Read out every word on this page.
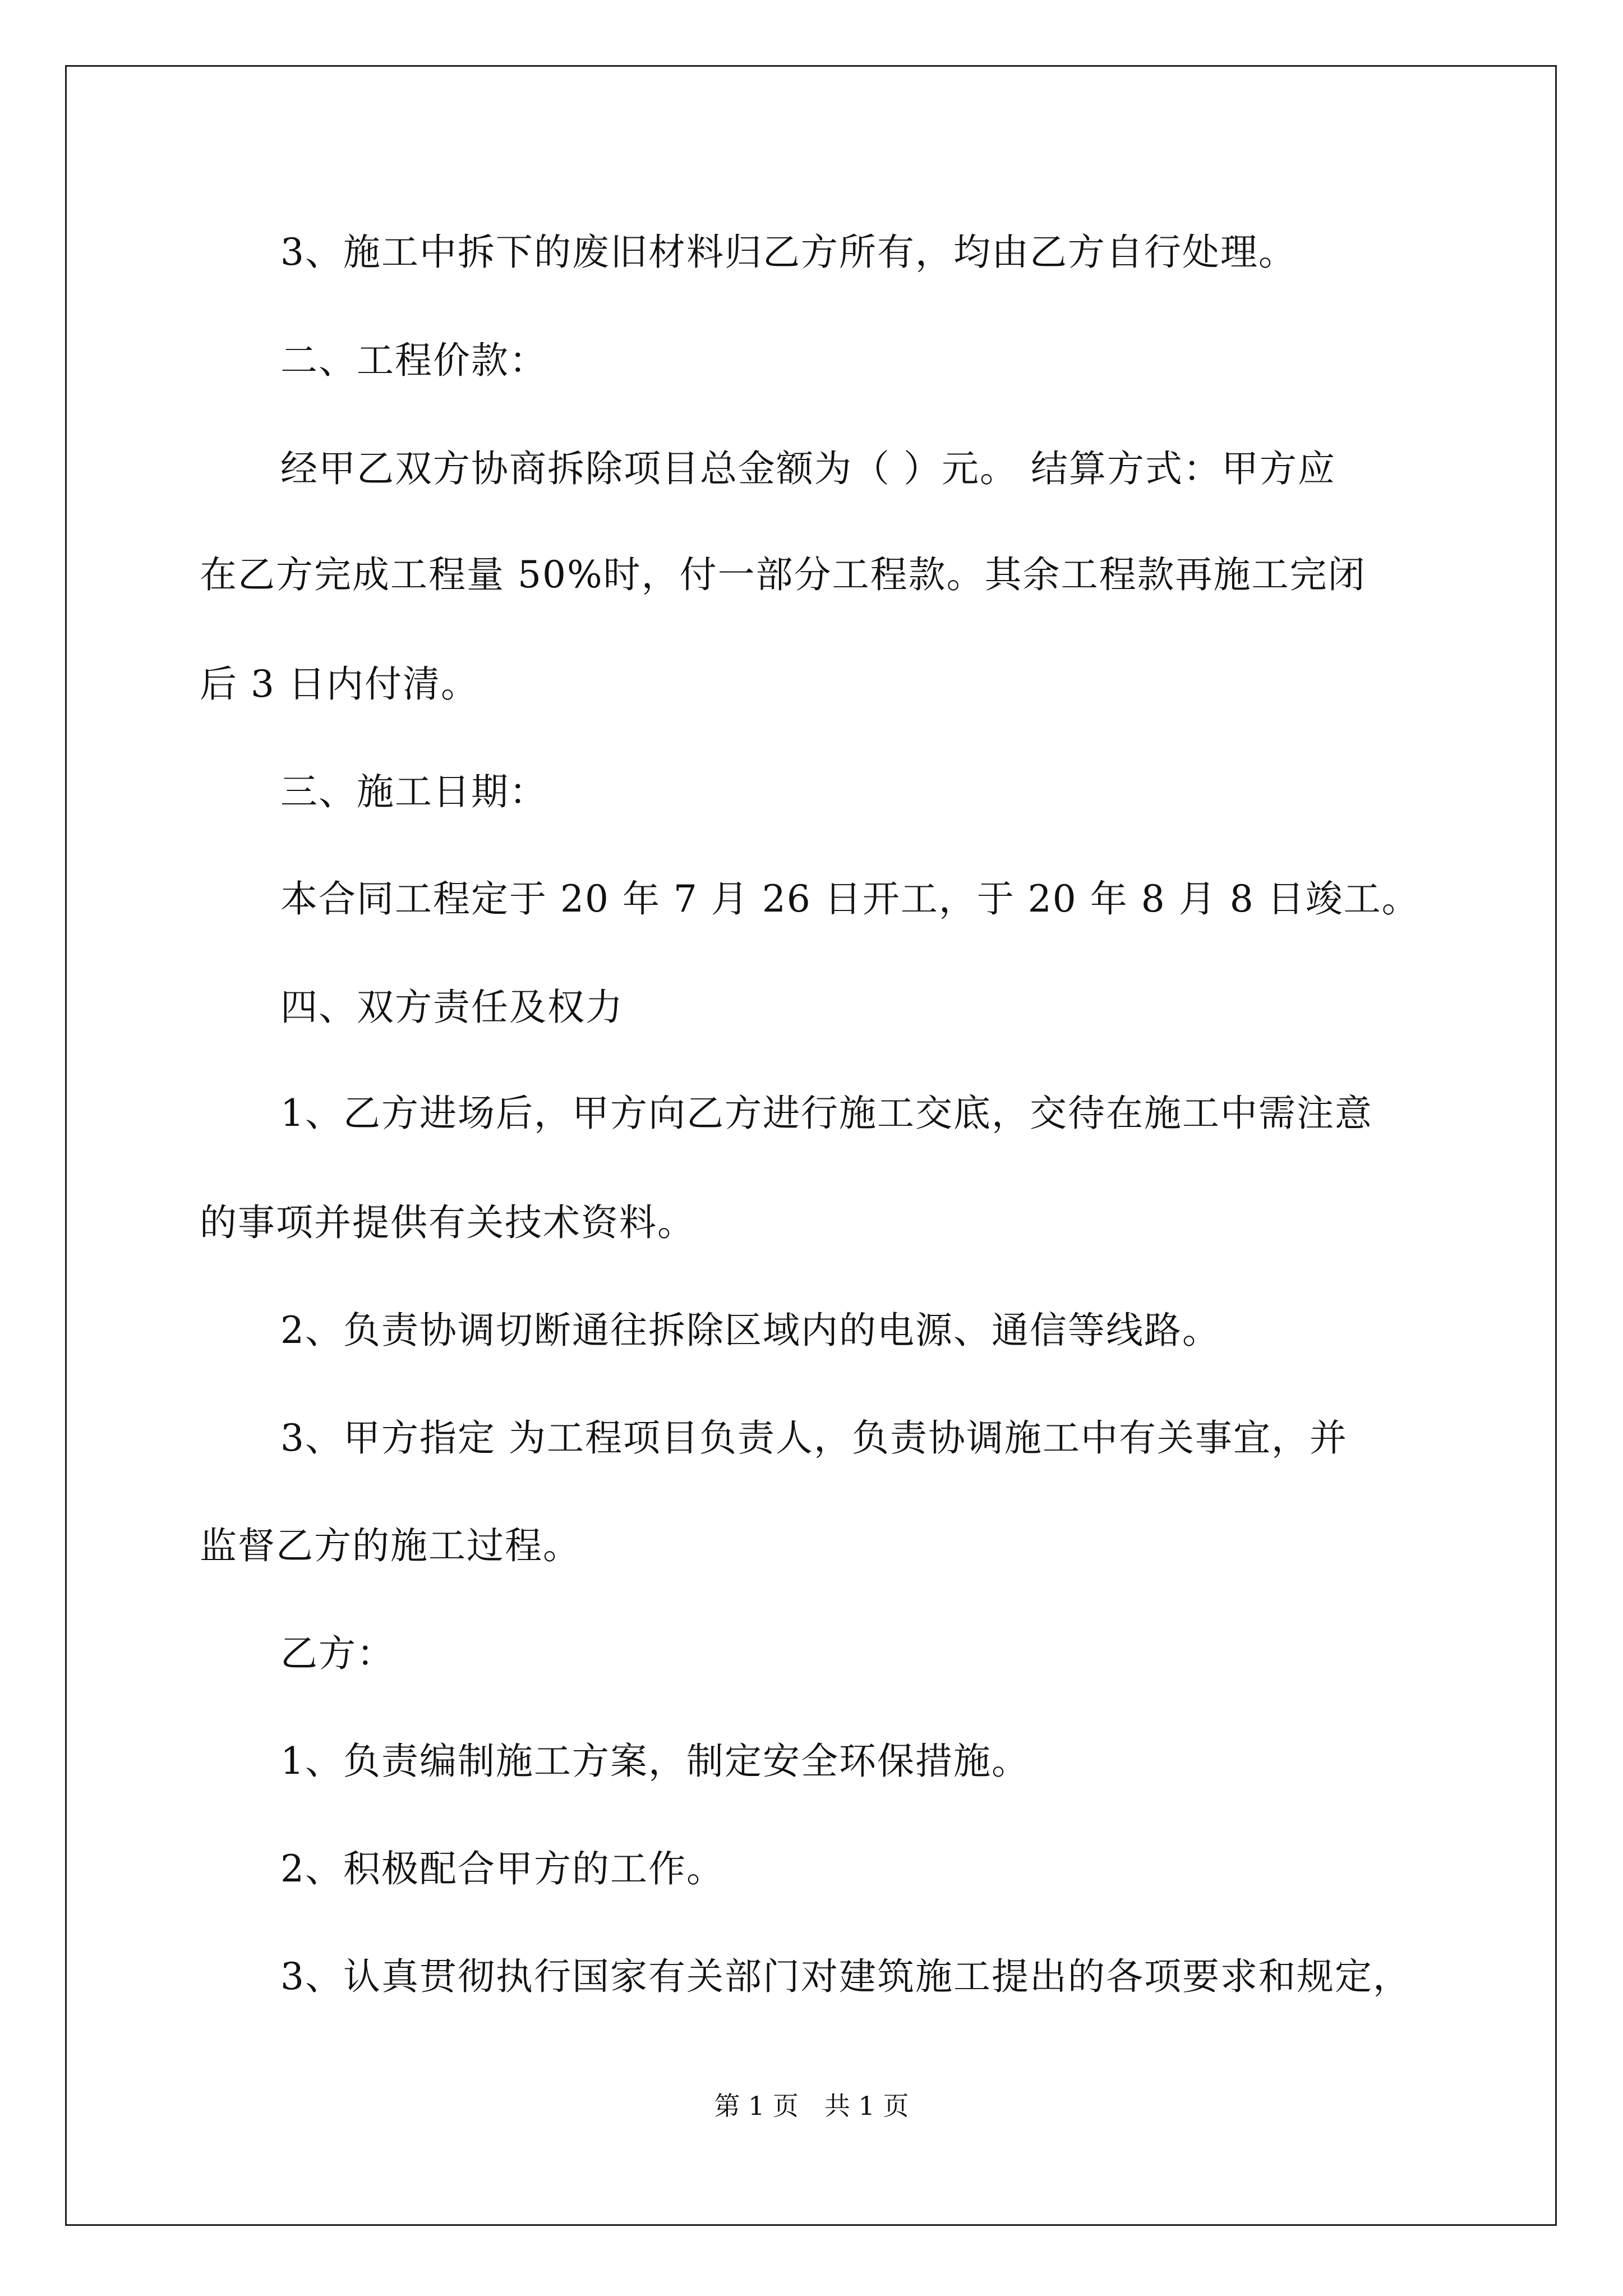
3、施工中拆下的废旧材料归乙方所有，均由乙方自行处理。
二、工程价款：
经甲乙双方协商拆除项目总金额为（ ）元。 结算方式：甲方应
在乙方完成工程量 50%时，付一部分工程款。其余工程款再施工完闭
后 3 日内付清。
三、施工日期：
本合同工程定于 20 年 7 月 26 日开工，于 20 年 8 月 8 日竣工。
四、双方责任及权力
1、乙方进场后，甲方向乙方进行施工交底，交待在施工中需注意
的事项并提供有关技术资料。
2、负责协调切断通往拆除区域内的电源、通信等线路。
3、甲方指定 为工程项目负责人，负责协调施工中有关事宜，并
监督乙方的施工过程。
乙方：
1、负责编制施工方案，制定安全环保措施。
2、积极配合甲方的工作。
3、认真贯彻执行国家有关部门对建筑施工提出的各项要求和规定，
第 1 页　共 1 页
